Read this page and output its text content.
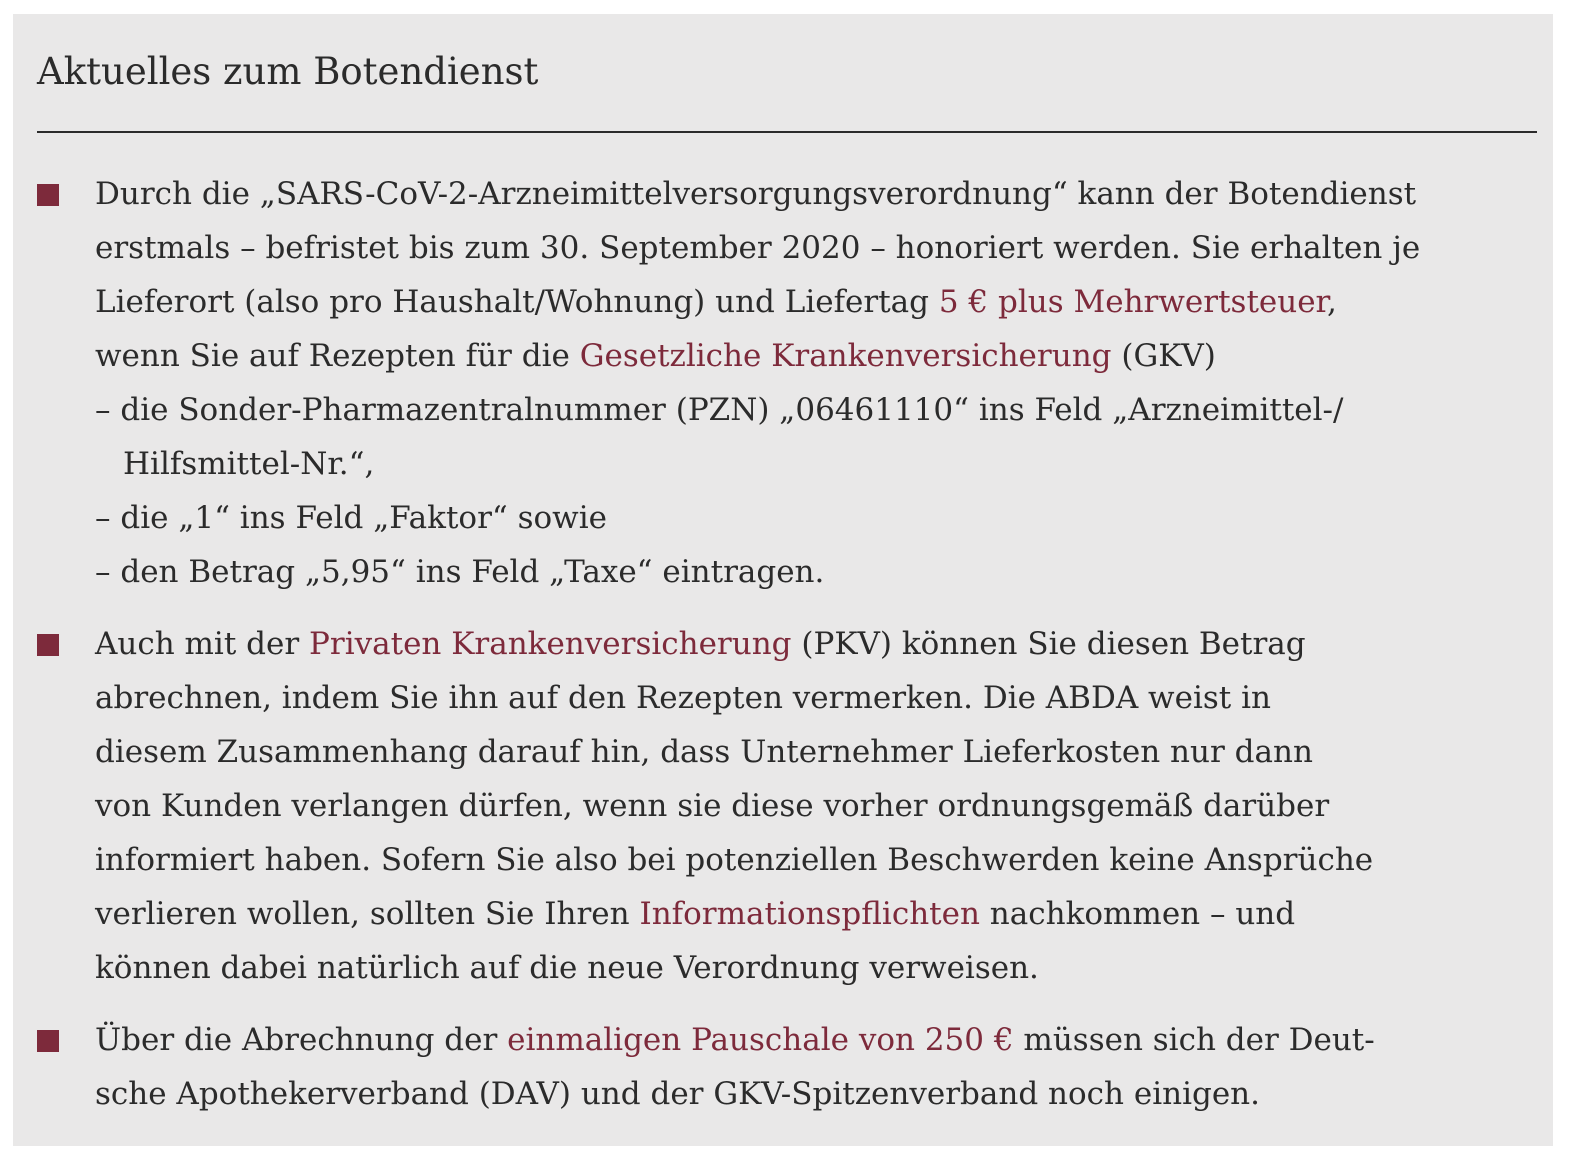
Aktuelles zum Botendienst
Durch die „SARS-CoV-2-Arzneimittelversorgungsverordnung“ kann der Botendienst
erstmals – befristet bis zum 30. September 2020 – honoriert werden. Sie erhalten je
Lieferort (also pro Haushalt/Wohnung) und Liefertag 5 € plus Mehrwertsteuer,
wenn Sie auf Rezepten für die Gesetzliche Krankenversicherung (GKV)
– die Sonder-Pharmazentralnummer (PZN) „06461110“ ins Feld „Arzneimittel-/
Hilfsmittel-Nr.“,
– die „1“ ins Feld „Faktor“ sowie
– den Betrag „5,95“ ins Feld „Taxe“ eintragen.
Auch mit der Privaten Krankenversicherung (PKV) können Sie diesen Betrag
abrechnen, indem Sie ihn auf den Rezepten vermerken. Die ABDA weist in
diesem Zusammenhang darauf hin, dass Unternehmer Lieferkosten nur dann
von Kunden verlangen dürfen, wenn sie diese vorher ordnungsgemäß darüber
informiert haben. Sofern Sie also bei potenziellen Beschwerden keine Ansprüche
verlieren wollen, sollten Sie Ihren Informationspflichten nachkommen – und
können dabei natürlich auf die neue Verordnung verweisen.
Über die Abrechnung der einmaligen Pauschale von 250 € müssen sich der Deut-
sche Apothekerverband (DAV) und der GKV-Spitzenverband noch einigen.
